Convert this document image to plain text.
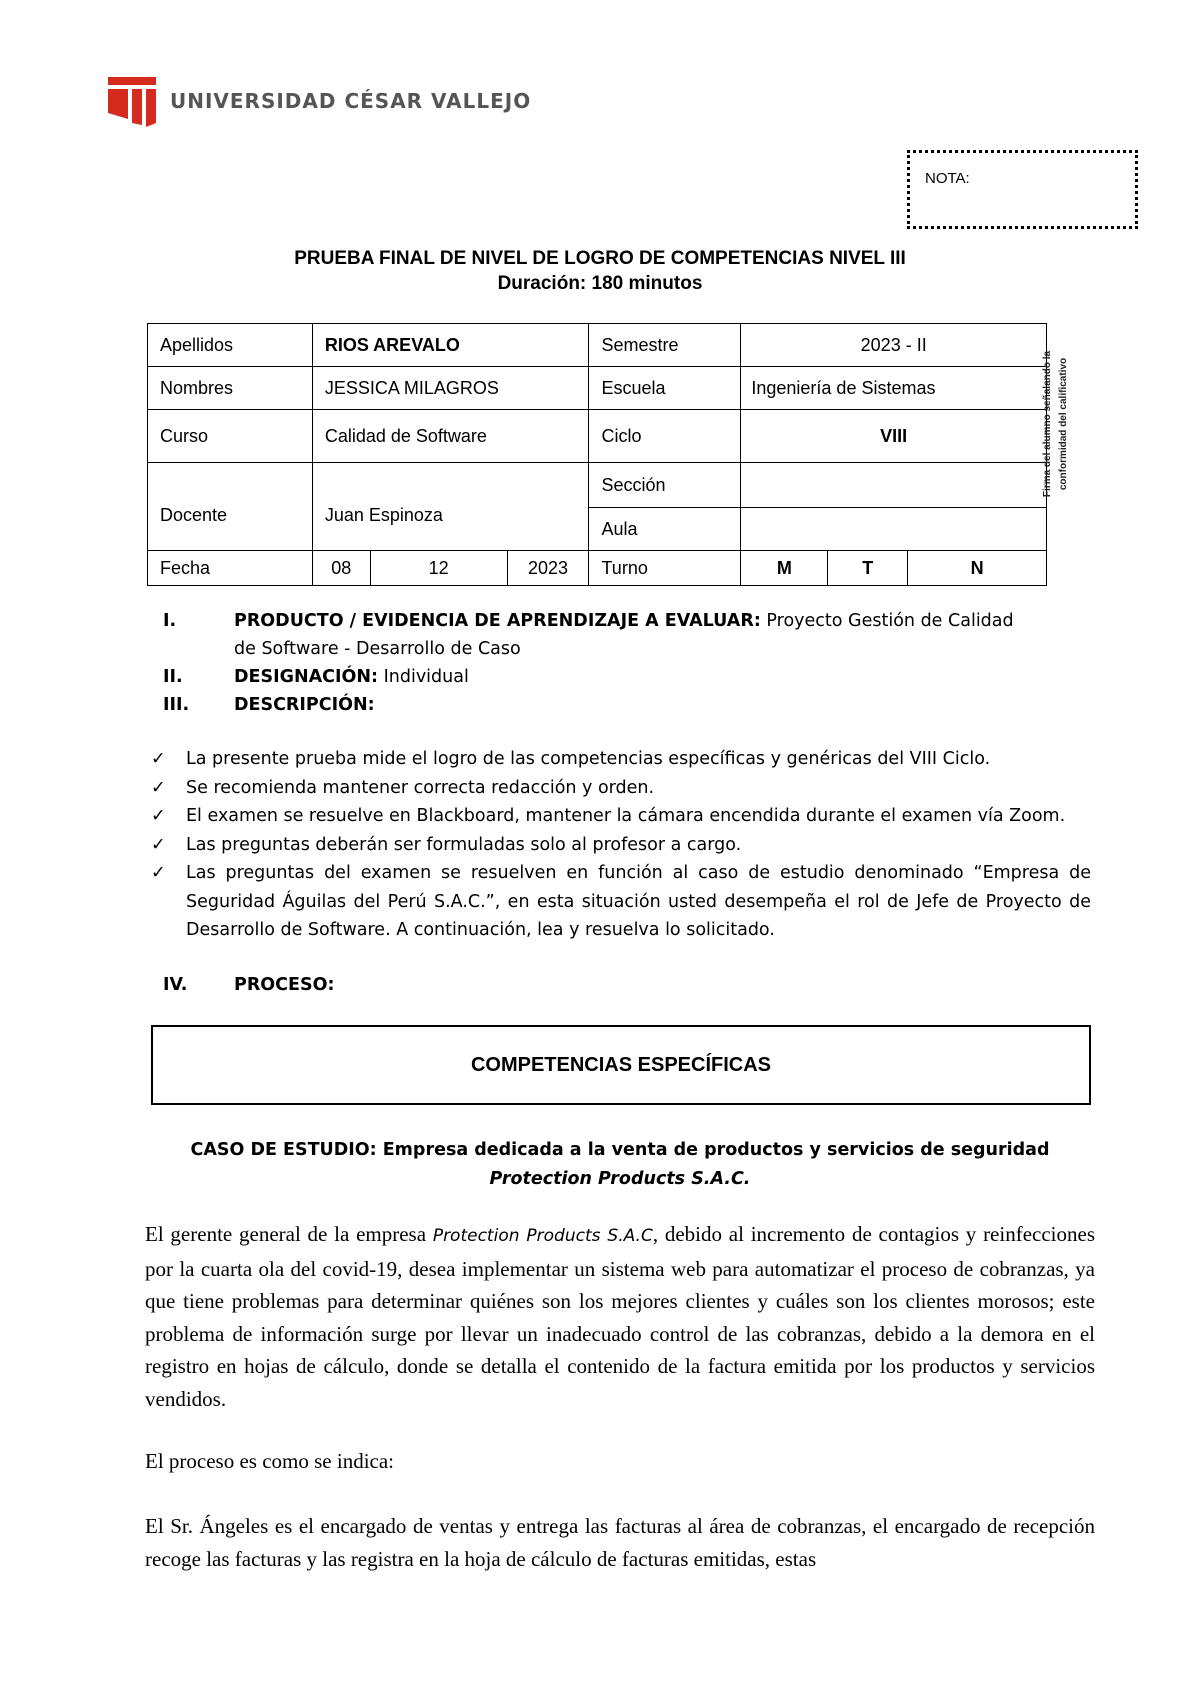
UNIVERSIDAD CÉSAR VALLEJO
NOTA:
PRUEBA FINAL DE NIVEL DE LOGRO DE COMPETENCIAS NIVEL III
Duración: 180 minutos
Apellidos	RIOS AREVALO			Semestre	2023 - II		
Nombres	JESSICA MILAGROS			Escuela	Ingeniería de Sistemas		
Curso	Calidad de Software			Ciclo	VIII		
Docente	Juan Espinoza			Sección			
				Aula			
Fecha	08	12	2023	Turno	M	T	N
Firma del alumno señalando la conformidad del calificativo
I.	PRODUCTO / EVIDENCIA DE APRENDIZAJE A EVALUAR: Proyecto Gestión de Calidad de Software - Desarrollo de Caso
II.	DESIGNACIÓN: Individual
III.	DESCRIPCIÓN:
✓ La presente prueba mide el logro de las competencias específicas y genéricas del VIII Ciclo.
✓ Se recomienda mantener correcta redacción y orden.
✓ El examen se resuelve en Blackboard, mantener la cámara encendida durante el examen vía Zoom.
✓ Las preguntas deberán ser formuladas solo al profesor a cargo.
✓ Las preguntas del examen se resuelven en función al caso de estudio denominado “Empresa de Seguridad Águilas del Perú S.A.C.”, en esta situación usted desempeña el rol de Jefe de Proyecto de Desarrollo de Software. A continuación, lea y resuelva lo solicitado.
IV.	PROCESO:
COMPETENCIAS ESPECÍFICAS
CASO DE ESTUDIO: Empresa dedicada a la venta de productos y servicios de seguridad Protection Products S.A.C.
El gerente general de la empresa Protection Products S.A.C, debido al incremento de contagios y reinfecciones por la cuarta ola del covid-19, desea implementar un sistema web para automatizar el proceso de cobranzas, ya que tiene problemas para determinar quiénes son los mejores clientes y cuáles son los clientes morosos; este problema de información surge por llevar un inadecuado control de las cobranzas, debido a la demora en el registro en hojas de cálculo, donde se detalla el contenido de la factura emitida por los productos y servicios vendidos.
El proceso es como se indica:
El Sr. Ángeles es el encargado de ventas y entrega las facturas al área de cobranzas, el encargado de recepción recoge las facturas y las registra en la hoja de cálculo de facturas emitidas, estas
